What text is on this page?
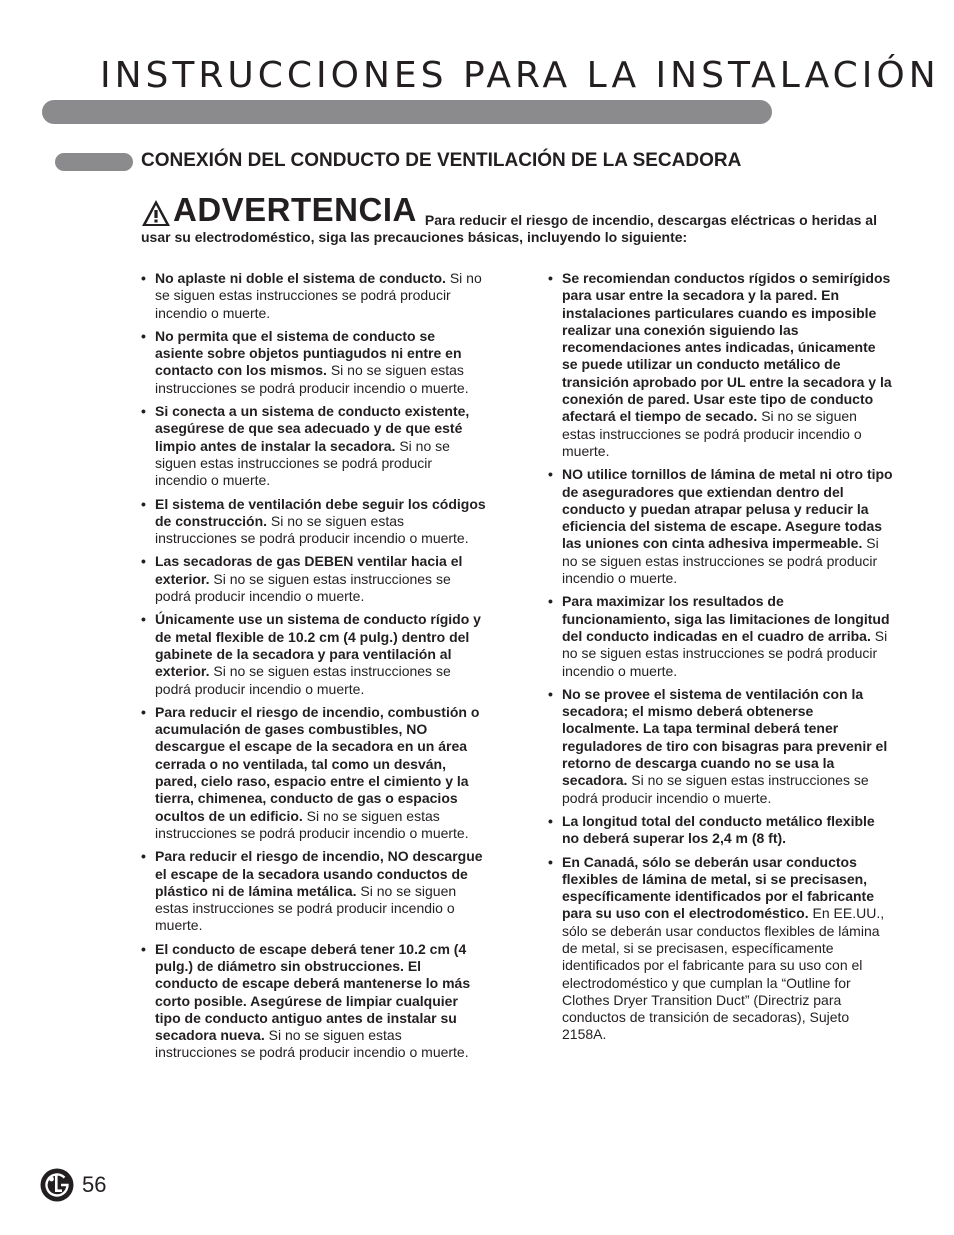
INSTRUCCIONES PARA LA INSTALACIÓN
CONEXIÓN DEL CONDUCTO DE VENTILACIÓN DE LA SECADORA
ADVERTENCIA Para reducir el riesgo de incendio, descargas eléctricas o heridas al usar su electrodoméstico, siga las precauciones básicas, incluyendo lo siguiente:

• No aplaste ni doble el sistema de conducto. Si no se siguen estas instrucciones se podrá producir incendio o muerte.

• No permita que el sistema de conducto se asiente sobre objetos puntiagudos ni entre en contacto con los mismos. Si no se siguen estas instrucciones se podrá producir incendio o muerte.

• Si conecta a un sistema de conducto existente, asegúrese de que sea adecuado y de que esté limpio antes de instalar la secadora. Si no se siguen estas instrucciones se podrá producir incendio o muerte.

• El sistema de ventilación debe seguir los códigos de construcción. Si no se siguen estas instrucciones se podrá producir incendio o muerte.

• Las secadoras de gas DEBEN ventilar hacia el exterior. Si no se siguen estas instrucciones se podrá producir incendio o muerte.

• Únicamente use un sistema de conducto rígido y de metal flexible de 10.2 cm (4 pulg.) dentro del gabinete de la secadora y para ventilación al exterior. Si no se siguen estas instrucciones se podrá producir incendio o muerte.

• Para reducir el riesgo de incendio, combustión o acumulación de gases combustibles, NO descargue el escape de la secadora en un área cerrada o no ventilada, tal como un desván, pared, cielo raso, espacio entre el cimiento y la tierra, chimenea, conducto de gas o espacios ocultos de un edificio. Si no se siguen estas instrucciones se podrá producir incendio o muerte.

• Para reducir el riesgo de incendio, NO descargue el escape de la secadora usando conductos de plástico ni de lámina metálica. Si no se siguen estas instrucciones se podrá producir incendio o muerte.

• El conducto de escape deberá tener 10.2 cm (4 pulg.) de diámetro sin obstrucciones. El conducto de escape deberá mantenerse lo más corto posible. Asegúrese de limpiar cualquier tipo de conducto antiguo antes de instalar su secadora nueva. Si no se siguen estas instrucciones se podrá producir incendio o muerte.

• Se recomiendan conductos rígidos o semirígidos para usar entre la secadora y la pared. En instalaciones particulares cuando es imposible realizar una conexión siguiendo las recomendaciones antes indicadas, únicamente se puede utilizar un conducto metálico de transición aprobado por UL entre la secadora y la conexión de pared. Usar este tipo de conducto afectará el tiempo de secado. Si no se siguen estas instrucciones se podrá producir incendio o muerte.

• NO utilice tornillos de lámina de metal ni otro tipo de aseguradores que extiendan dentro del conducto y puedan atrapar pelusa y reducir la eficiencia del sistema de escape. Asegure todas las uniones con cinta adhesiva impermeable. Si no se siguen estas instrucciones se podrá producir incendio o muerte.

• Para maximizar los resultados de funcionamiento, siga las limitaciones de longitud del conducto indicadas en el cuadro de arriba. Si no se siguen estas instrucciones se podrá producir incendio o muerte.

• No se provee el sistema de ventilación con la secadora; el mismo deberá obtenerse localmente. La tapa terminal deberá tener reguladores de tiro con bisagras para prevenir el retorno de descarga cuando no se usa la secadora. Si no se siguen estas instrucciones se podrá producir incendio o muerte.

• La longitud total del conducto metálico flexible no deberá superar los 2,4 m (8 ft).

• En Canadá, sólo se deberán usar conductos flexibles de lámina de metal, si se precisasen, específicamente identificados por el fabricante para su uso con el electrodoméstico. En EE.UU., sólo se deberán usar conductos flexibles de lámina de metal, si se precisasen, específicamente identificados por el fabricante para su uso con el electrodoméstico y que cumplan la “Outline for Clothes Dryer Transition Duct” (Directriz para conductos de transición de secadoras), Sujeto 2158A.

56
